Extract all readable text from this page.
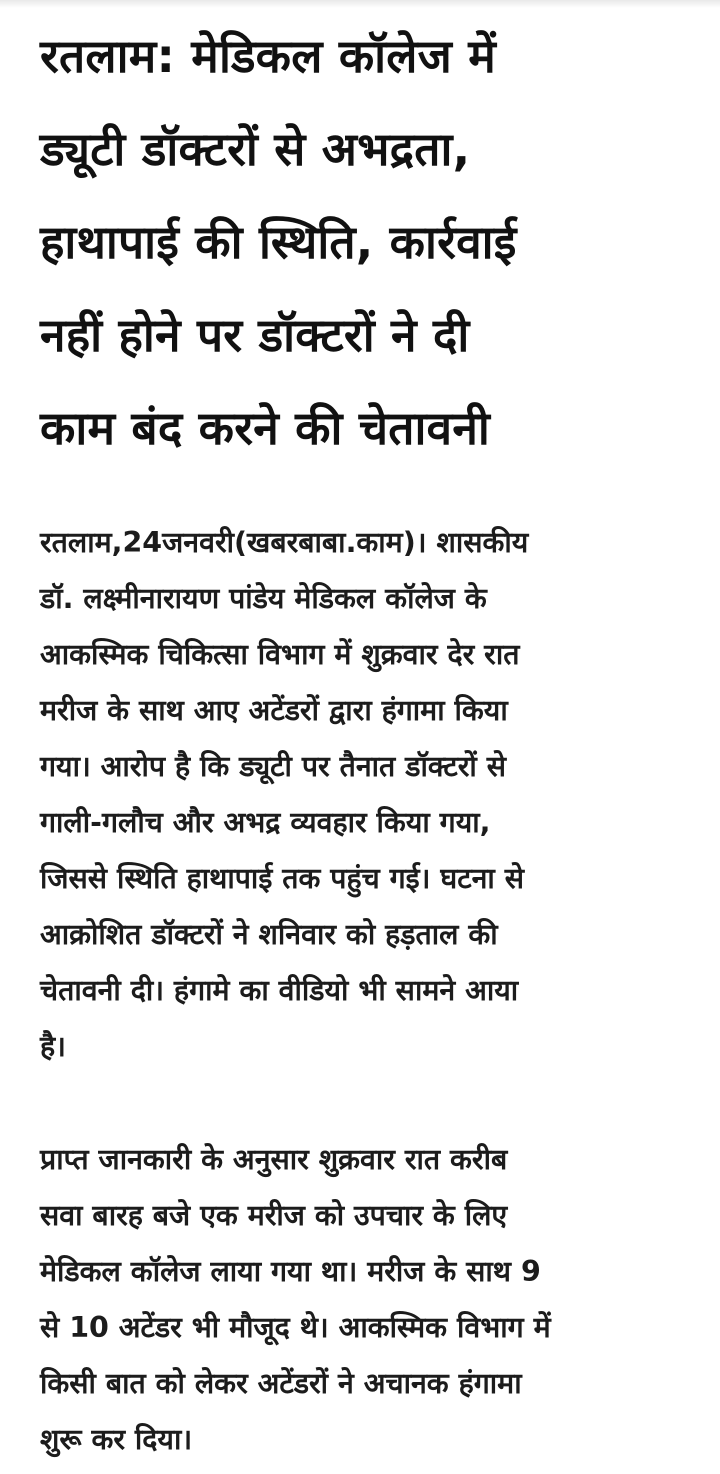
रतलाम: मेडिकल कॉलेज में
ड्यूटी डॉक्टरों से अभद्रता,
हाथापाई की स्थिति, कार्रवाई
नहीं होने पर डॉक्टरों ने दी
काम बंद करने की चेतावनी

रतलाम,24जनवरी(खबरबाबा.काम)। शासकीय
डॉ. लक्ष्मीनारायण पांडेय मेडिकल कॉलेज के
आकस्मिक चिकित्सा विभाग में शुक्रवार देर रात
मरीज के साथ आए अटेंडरों द्वारा हंगामा किया
गया। आरोप है कि ड्यूटी पर तैनात डॉक्टरों से
गाली-गलौच और अभद्र व्यवहार किया गया,
जिससे स्थिति हाथापाई तक पहुंच गई। घटना से
आक्रोशित डॉक्टरों ने शनिवार को हड़ताल की
चेतावनी दी। हंगामे का वीडियो भी सामने आया
है।

प्राप्त जानकारी के अनुसार शुक्रवार रात करीब
सवा बारह बजे एक मरीज को उपचार के लिए
मेडिकल कॉलेज लाया गया था। मरीज के साथ 9
से 10 अटेंडर भी मौजूद थे। आकस्मिक विभाग में
किसी बात को लेकर अटेंडरों ने अचानक हंगामा
शुरू कर दिया।
